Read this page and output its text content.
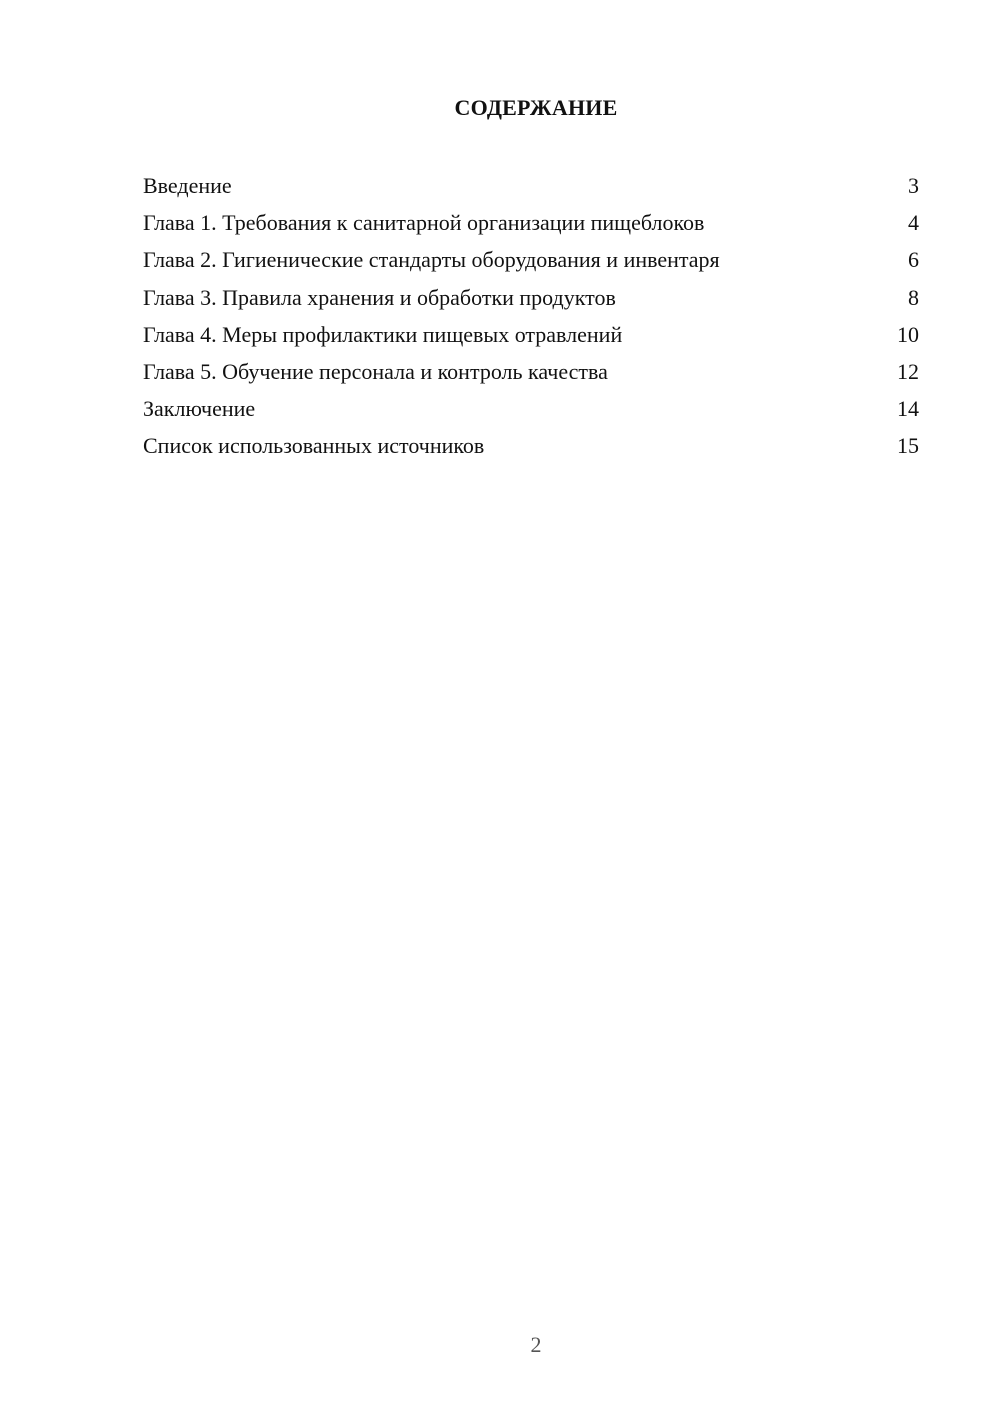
СОДЕРЖАНИЕ
Введение	3
Глава 1. Требования к санитарной организации пищеблоков	4
Глава 2. Гигиенические стандарты оборудования и инвентаря	6
Глава 3. Правила хранения и обработки продуктов	8
Глава 4. Меры профилактики пищевых отравлений	10
Глава 5. Обучение персонала и контроль качества	12
Заключение	14
Список использованных источников	15
2
